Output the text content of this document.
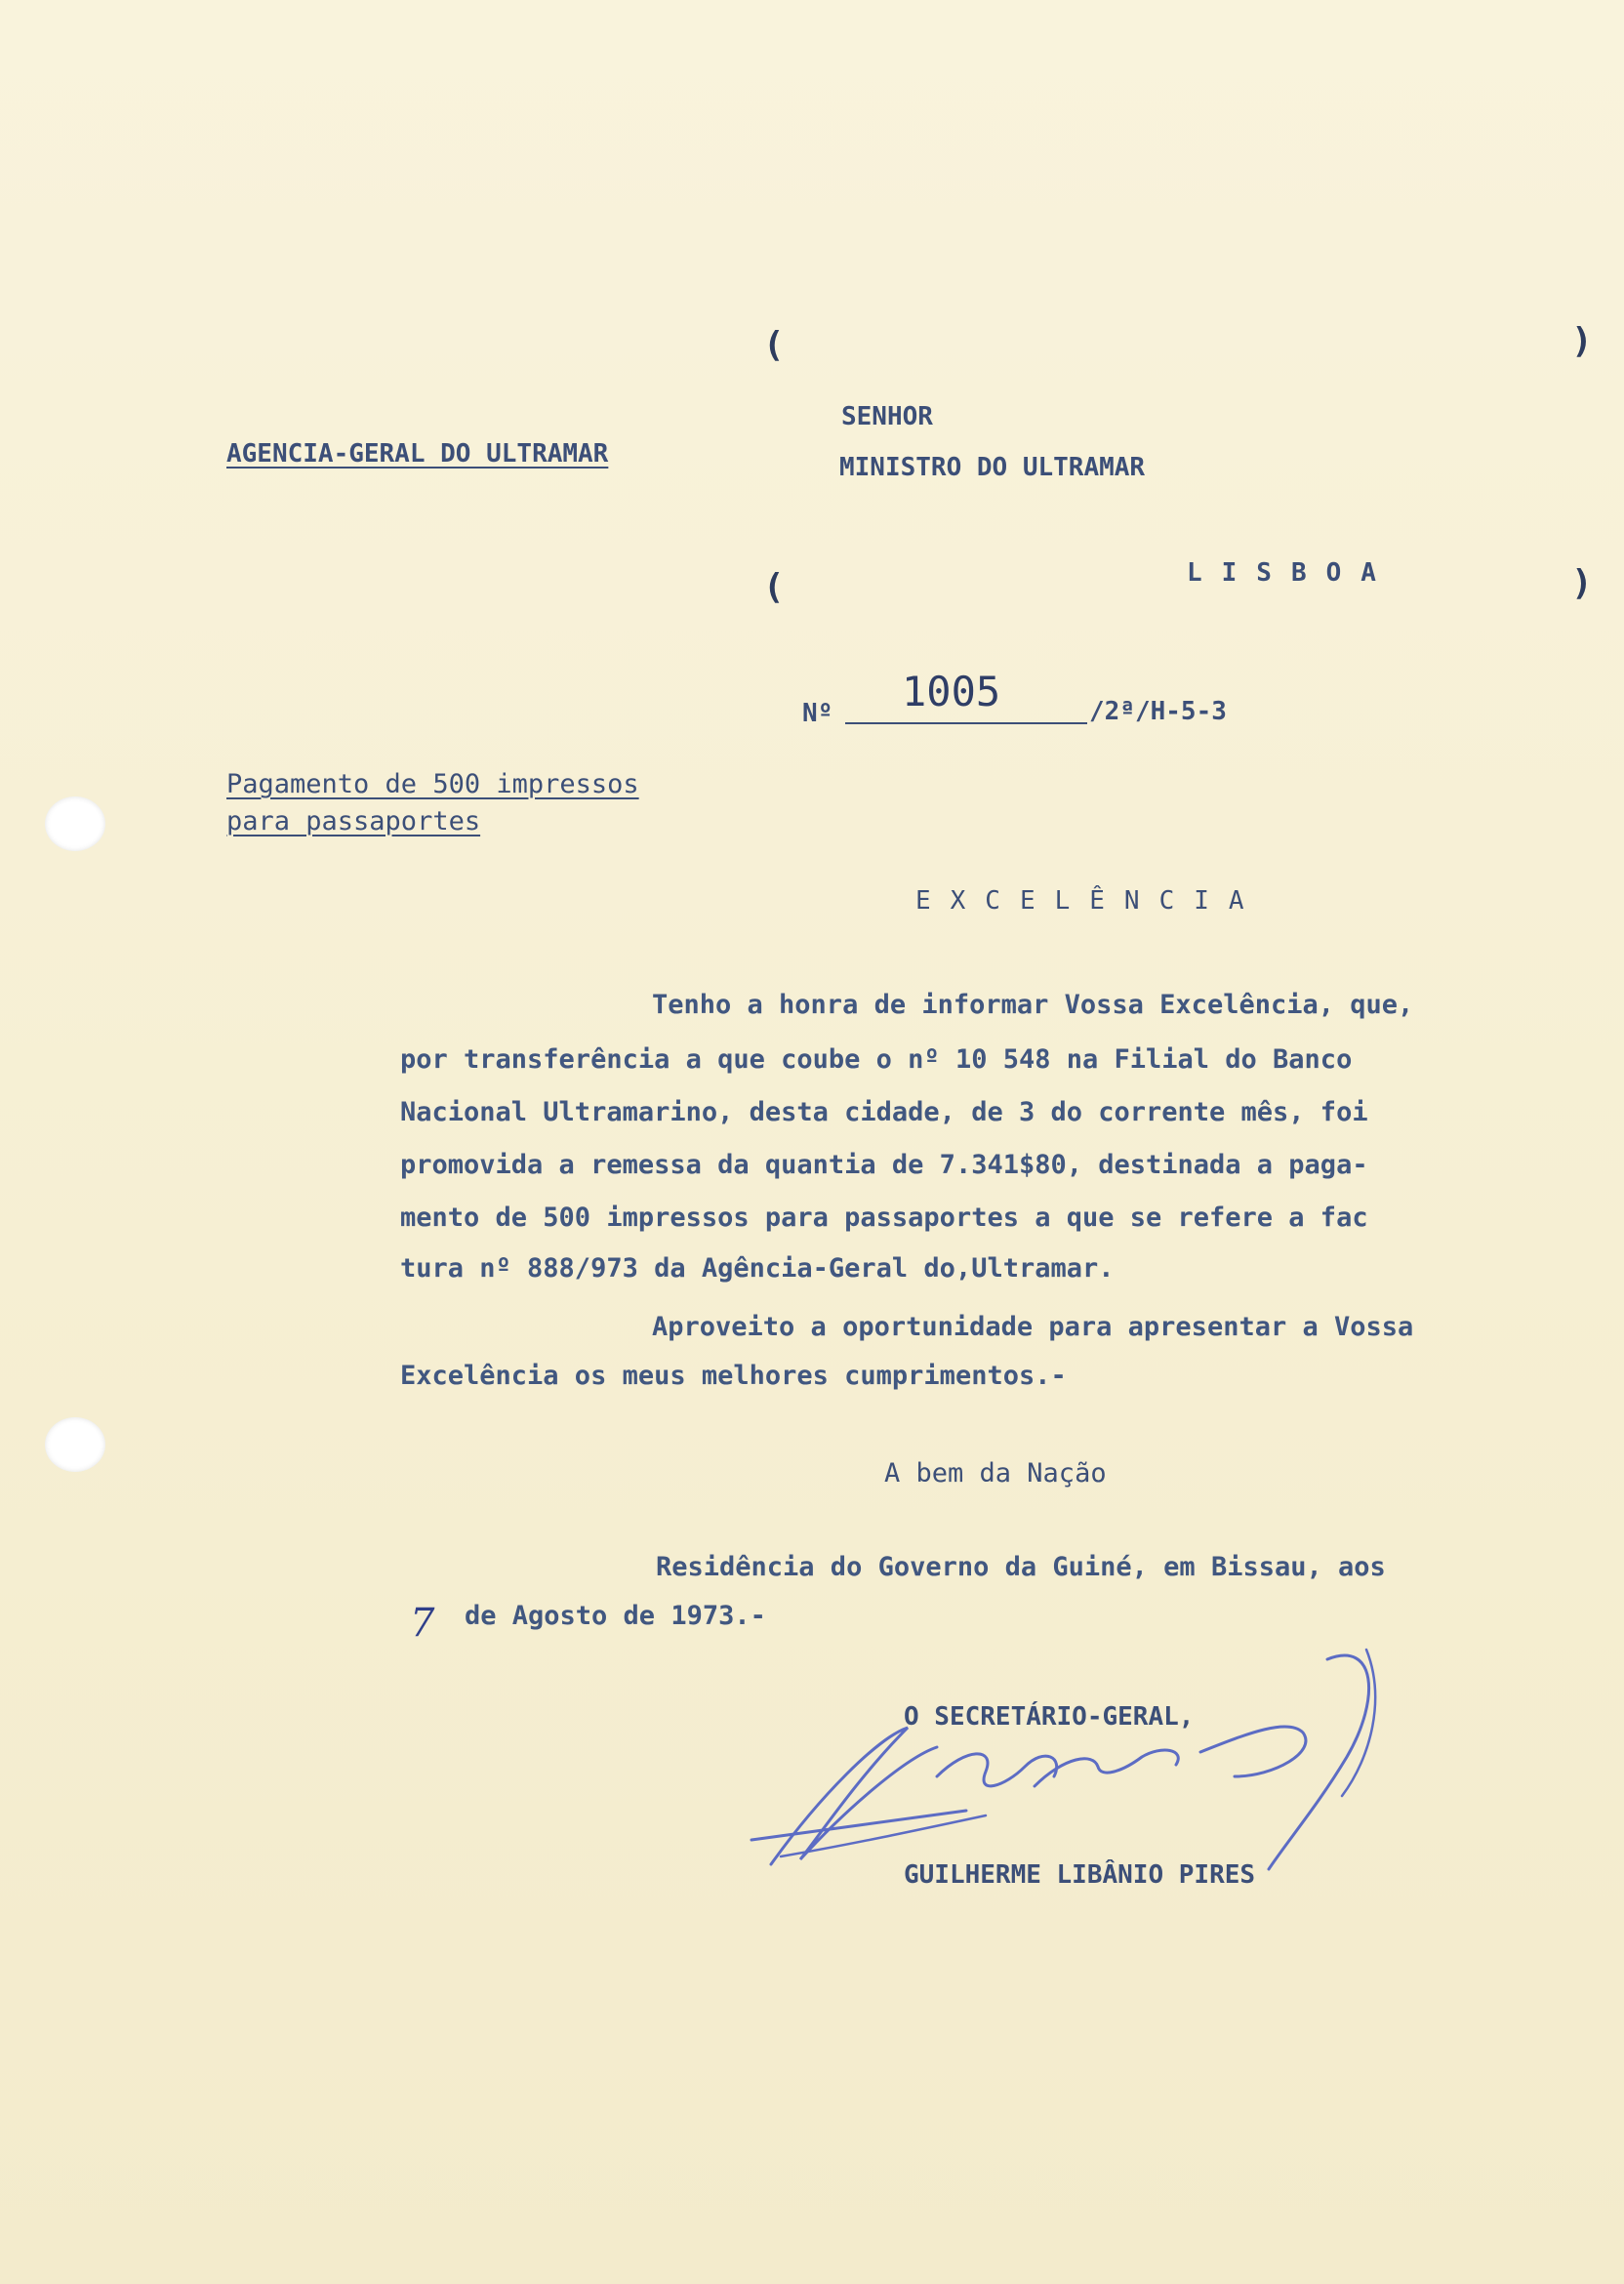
AGENCIA-GERAL DO ULTRAMAR
(	)
SENHOR
MINISTRO DO ULTRAMAR
LISBOA
(	)
Nº 1005	/2ª/H-5-3
Pagamento de 500 impressos
para passaportes
EXCELÊNCIA
Tenho a honra de informar Vossa Excelência, que,
por transferência a que coube o nº 10 548 na Filial do Banco
Nacional Ultramarino, desta cidade, de 3 do corrente mês, foi
promovida a remessa da quantia de 7.341$80, destinada a paga-
mento de 500 impressos para passaportes a que se refere a fac
tura nº 888/973 da Agência-Geral do,Ultramar.
Aproveito a oportunidade para apresentar a Vossa
Excelência os meus melhores cumprimentos.-
A bem da Nação
Residência do Governo da Guiné, em Bissau, aos
7 de Agosto de 1973.-
O SECRETÁRIO-GERAL,
GUILHERME LIBÂNIO PIRES
